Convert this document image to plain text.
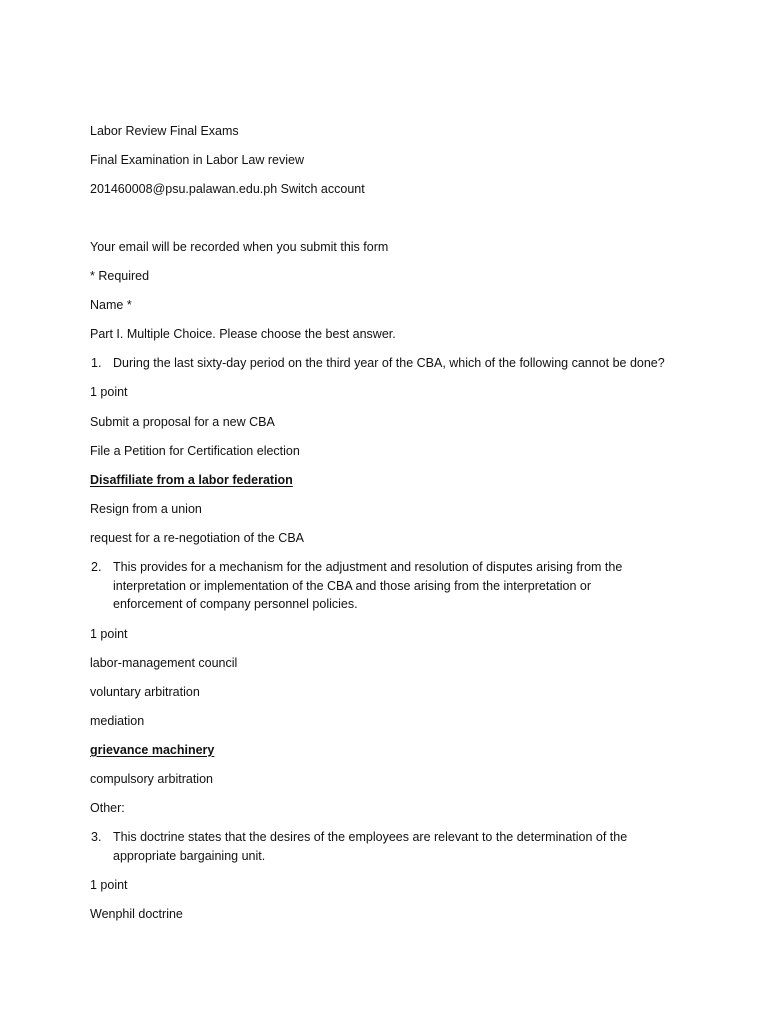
Labor Review Final Exams
Final Examination in Labor Law review
201460008@psu.palawan.edu.ph Switch account
Your email will be recorded when you submit this form
* Required
Name *
Part I. Multiple Choice. Please choose the best answer.
1. During the last sixty-day period on the third year of the CBA, which of the following cannot be done?
1 point
Submit a proposal for a new CBA
File a Petition for Certification election
Disaffiliate from a labor federation
Resign from a union
request for a re-negotiation of the CBA
2. This provides for a mechanism for the adjustment and resolution of disputes arising from the
interpretation or implementation of the CBA and those arising from the interpretation or
enforcement of company personnel policies.
1 point
labor-management council
voluntary arbitration
mediation
grievance machinery
compulsory arbitration
Other:
3. This doctrine states that the desires of the employees are relevant to the determination of the
appropriate bargaining unit.
1 point
Wenphil doctrine
